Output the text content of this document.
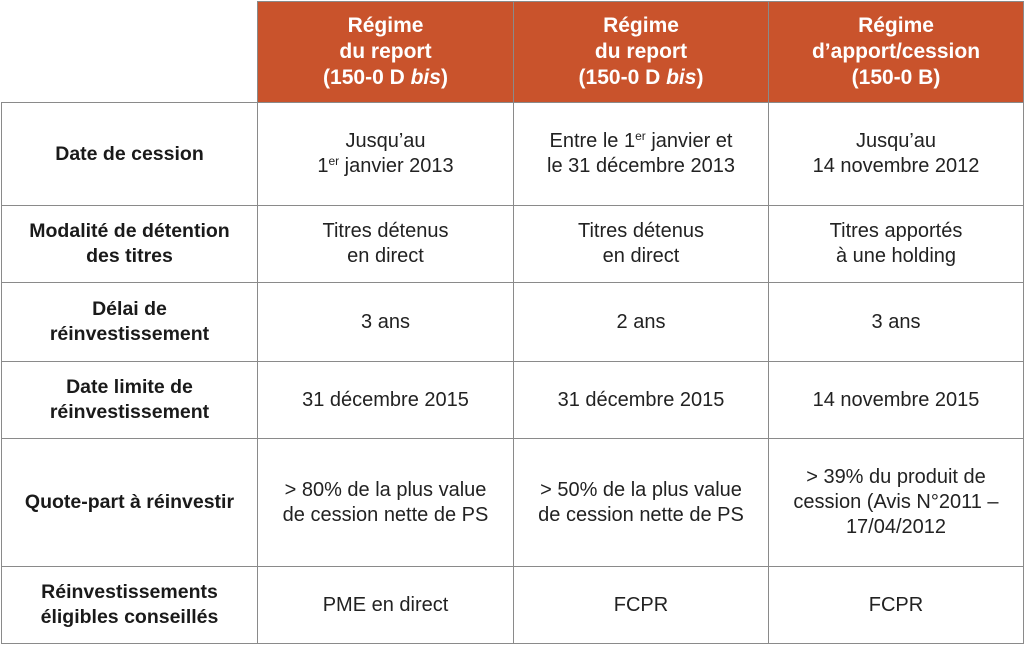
	Régime
du report
(150-0 D bis)	Régime
du report
(150-0 D bis)	Régime
d’apport/cession
(150-0 B)

Date de cession	Jusqu’au
1er janvier 2013	Entre le 1er janvier et
le 31 décembre 2013	Jusqu’au
14 novembre 2012

Modalité de détention
des titres	Titres détenus
en direct	Titres détenus
en direct	Titres apportés
à une holding

Délai de
réinvestissement	3 ans	2 ans	3 ans

Date limite de
réinvestissement	31 décembre 2015	31 décembre 2015	14 novembre 2015
Quote-part à réinvestir	> 80% de la plus value
de cession nette de PS	> 50% de la plus value
de cession nette de PS	> 39% du produit de
cession (Avis N°2011 –
17/04/2012

Réinvestissements
éligibles conseillés	PME en direct	FCPR	FCPR
